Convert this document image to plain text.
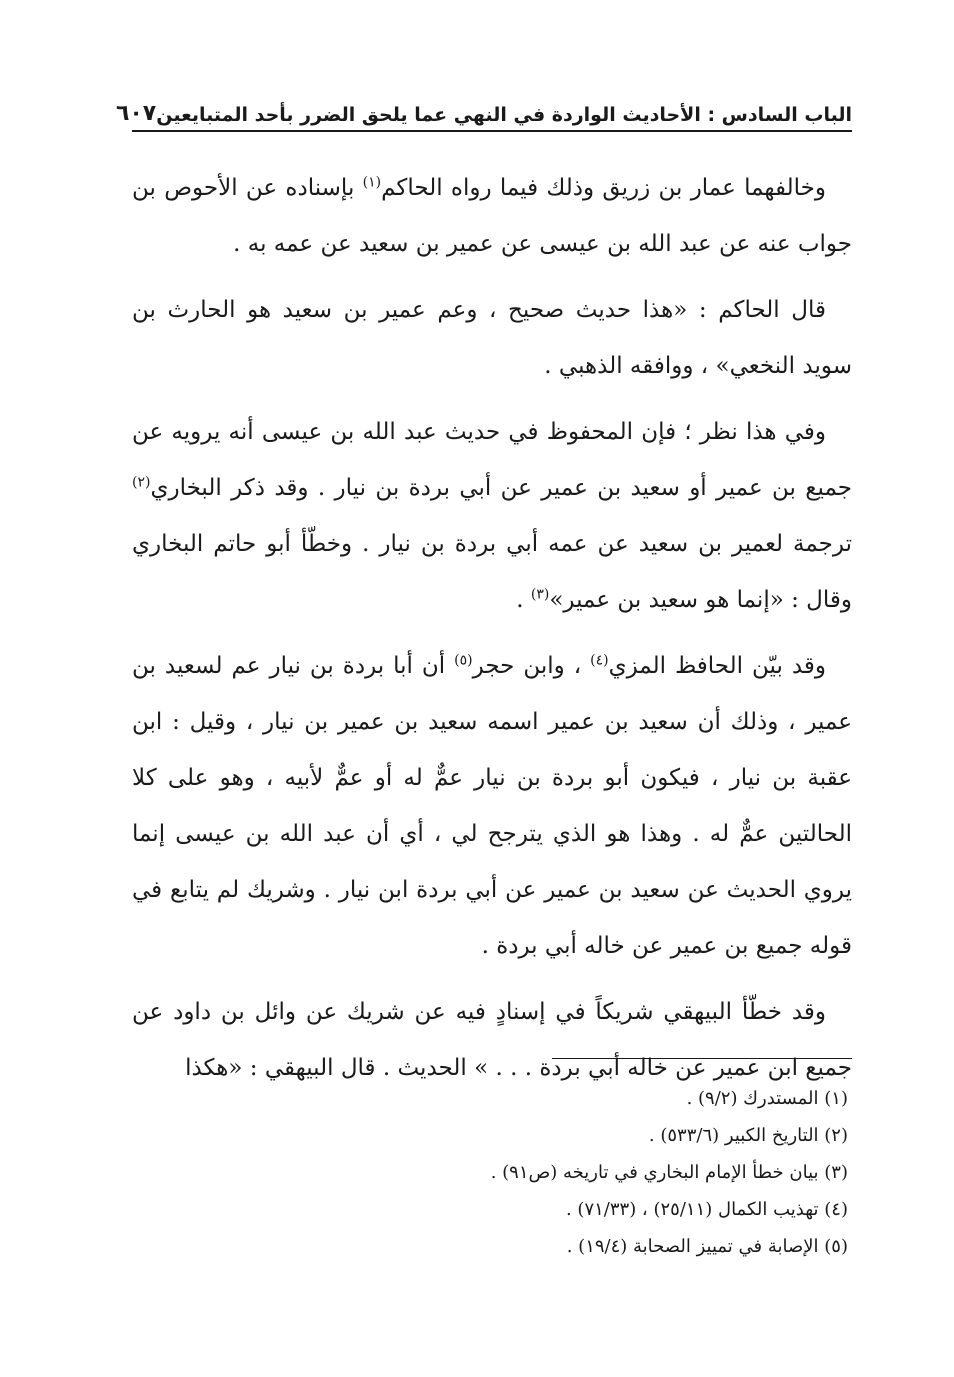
الباب السادس : الأحاديث الواردة في النهي عما يلحق الضرر بأحد المتبايعين
٦٠٧

وخالفهما عمار بن زريق وذلك فيما رواه الحاكم$^{(١)}$ بإسناده عن الأحوص بن جواب عنه عن عبد الله بن عيسى عن عمير بن سعيد عن عمه به .

قال الحاكم : «هذا حديث صحيح ، وعم عمير بن سعيد هو الحارث بن سويد النخعي» ، ووافقه الذهبي .

وفي هذا نظر ؛ فإن المحفوظ في حديث عبد الله بن عيسى أنه يرويه عن جميع بن عمير أو سعيد بن عمير عن أبي بردة بن نيار . وقد ذكر البخاري$^{(٢)}$ ترجمة لعمير بن سعيد عن عمه أبي بردة بن نيار . وخطّأ أبو حاتم البخاري وقال : «إنما هو سعيد بن عمير»$^{(٣)}$ .

وقد بيّن الحافظ المزي$^{(٤)}$ ، وابن حجر$^{(٥)}$ أن أبا بردة بن نيار عم لسعيد بن عمير ، وذلك أن سعيد بن عمير اسمه سعيد بن عمير بن نيار ، وقيل : ابن عقبة بن نيار ، فيكون أبو بردة بن نيار عمٌّ له أو عمٌّ لأبيه ، وهو على كلا الحالتين عمٌّ له . وهذا هو الذي يترجح لي ، أي أن عبد الله بن عيسى إنما يروي الحديث عن سعيد بن عمير عن أبي بردة ابن نيار . وشريك لم يتابع في قوله جميع بن عمير عن خاله أبي بردة .

وقد خطّأ البيهقي شريكاً في إسنادٍ فيه عن شريك عن وائل بن داود عن جميع ابن عمير عن خاله أبي بردة . . . » الحديث . قال البيهقي : «هكذا

(١) المستدرك (٩/٢) .
(٢) التاريخ الكبير (٥٣٣/٦) .
(٣) بيان خطأ الإمام البخاري في تاريخه (ص٩١) .
(٤) تهذيب الكمال (٢٥/١١) ، (٧١/٣٣) .
(٥) الإصابة في تمييز الصحابة (١٩/٤) .
